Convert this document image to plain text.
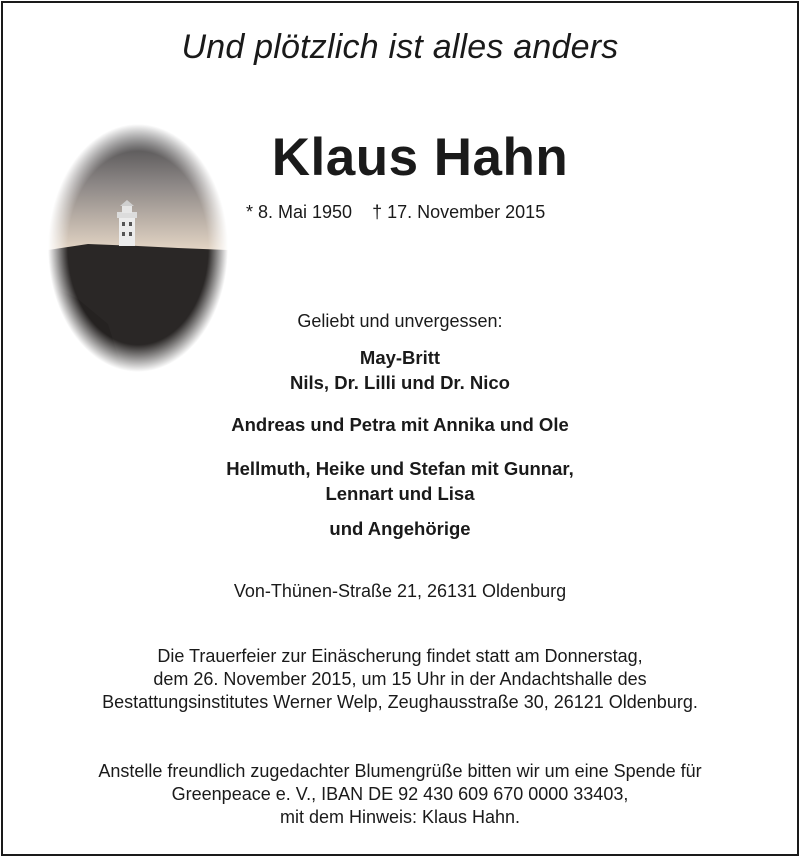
Und plötzlich ist alles anders
Klaus Hahn
* 8. Mai 1950 † 17. November 2015
Geliebt und unvergessen:
May-Britt
Nils, Dr. Lilli und Dr. Nico
Andreas und Petra mit Annika und Ole
Hellmuth, Heike und Stefan mit Gunnar,
Lennart und Lisa
und Angehörige
Von-Thünen-Straße 21, 26131 Oldenburg
Die Trauerfeier zur Einäscherung findet statt am Donnerstag,
dem 26. November 2015, um 15 Uhr in der Andachtshalle des
Bestattungsinstitutes Werner Welp, Zeughausstraße 30, 26121 Oldenburg.
Anstelle freundlich zugedachter Blumengrüße bitten wir um eine Spende für
Greenpeace e. V., IBAN DE 92 430 609 670 0000 33403,
mit dem Hinweis: Klaus Hahn.
